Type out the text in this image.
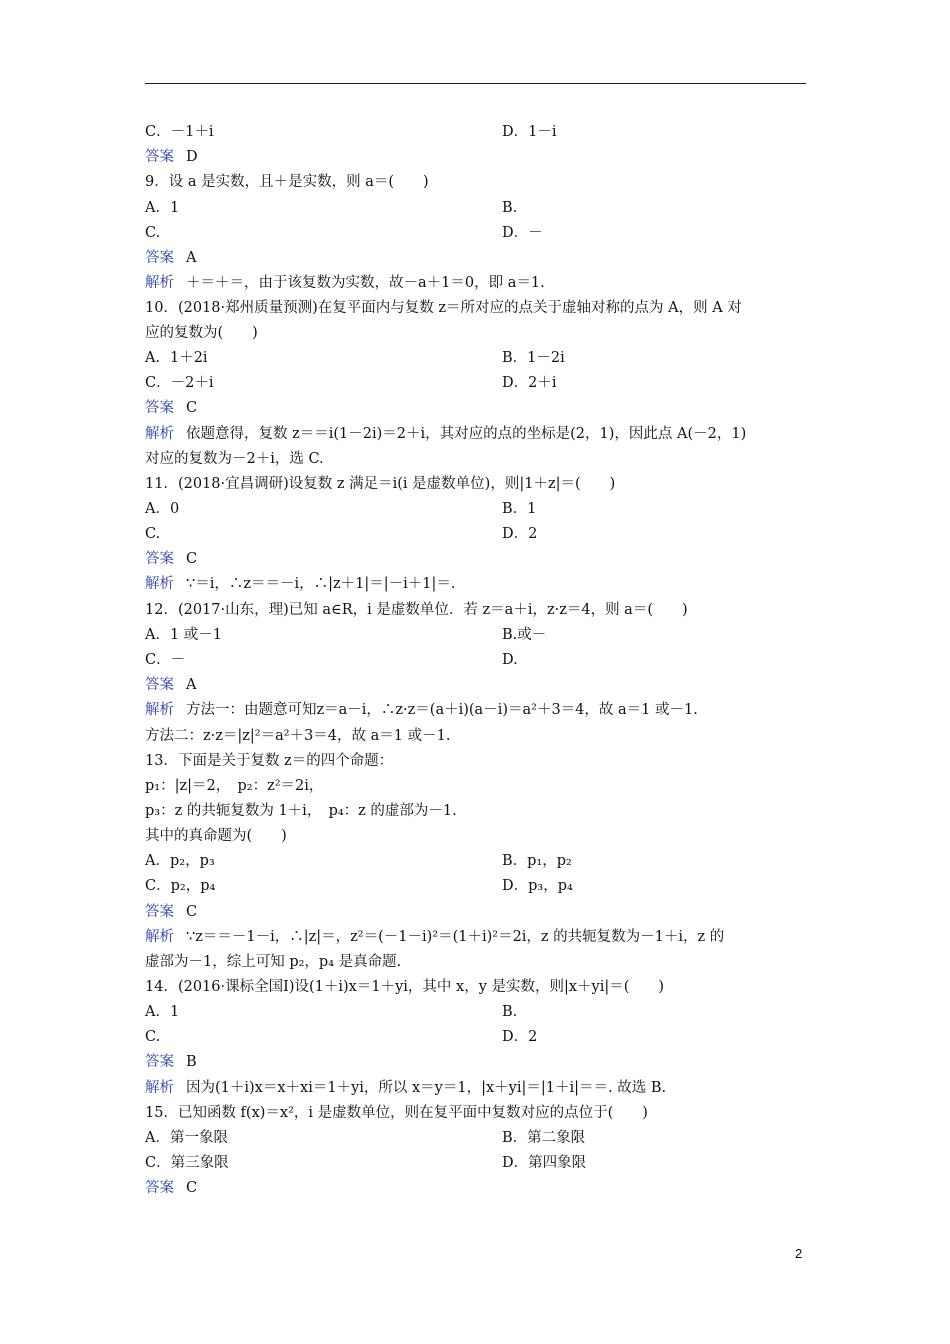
C．－1＋i	D．1－i
答案 D
9．设 a 是实数，且＋是实数，则 a＝(　　)
A．1	B.
C.	D．－
答案 A
解析 ＋＝＋＝，由于该复数为实数，故－a＋1＝0，即 a＝1.
10．(2018·郑州质量预测)在复平面内与复数 z＝所对应的点关于虚轴对称的点为 A，则 A 对
应的复数为(　　)
A．1＋2i	B．1－2i
C．－2＋i	D．2＋i
答案 C
解析 依题意得，复数 z＝＝i(1－2i)＝2＋i，其对应的点的坐标是(2，1)，因此点 A(－2，1)
对应的复数为－2＋i，选 C.
11．(2018·宜昌调研)设复数 z 满足＝i(i 是虚数单位)，则|1＋z|＝(　　)
A．0	B．1
C.	D．2
答案 C
解析 ∵＝i，∴z＝＝－i，∴|z＋1|＝|－i＋1|＝.
12．(2017·山东，理)已知 a∈R，i 是虚数单位．若 z＝a＋i，z·z＝4，则 a＝(　　)
A．1 或－1	B.或－
C．－	D.
答案 A
解析 方法一：由题意可知z＝a－i，∴z·z＝(a＋i)(a－i)＝a²＋3＝4，故 a＝1 或－1.
方法二：z·z＝|z|²＝a²＋3＝4，故 a＝1 或－1.
13．下面是关于复数 z＝的四个命题：
p₁：|z|＝2，　p₂：z²＝2i，
p₃：z 的共轭复数为 1＋i，　p₄：z 的虚部为－1.
其中的真命题为(　　)
A．p₂，p₃	B．p₁，p₂
C．p₂，p₄	D．p₃，p₄
答案 C
解析 ∵z＝＝－1－i，∴|z|＝，z²＝(－1－i)²＝(1＋i)²＝2i，z 的共轭复数为－1＋i，z 的
虚部为－1，综上可知 p₂，p₄ 是真命题.
14．(2016·课标全国Ⅰ)设(1＋i)x＝1＋yi，其中 x，y 是实数，则|x＋yi|＝(　　)
A．1	B.
C.	D．2
答案 B
解析 因为(1＋i)x＝x＋xi＝1＋yi，所以 x＝y＝1，|x＋yi|＝|1＋i|＝＝. 故选 B.
15．已知函数 f(x)＝x²，i 是虚数单位，则在复平面中复数对应的点位于(　　)
A．第一象限	B．第二象限
C．第三象限	D．第四象限
答案 C
2
